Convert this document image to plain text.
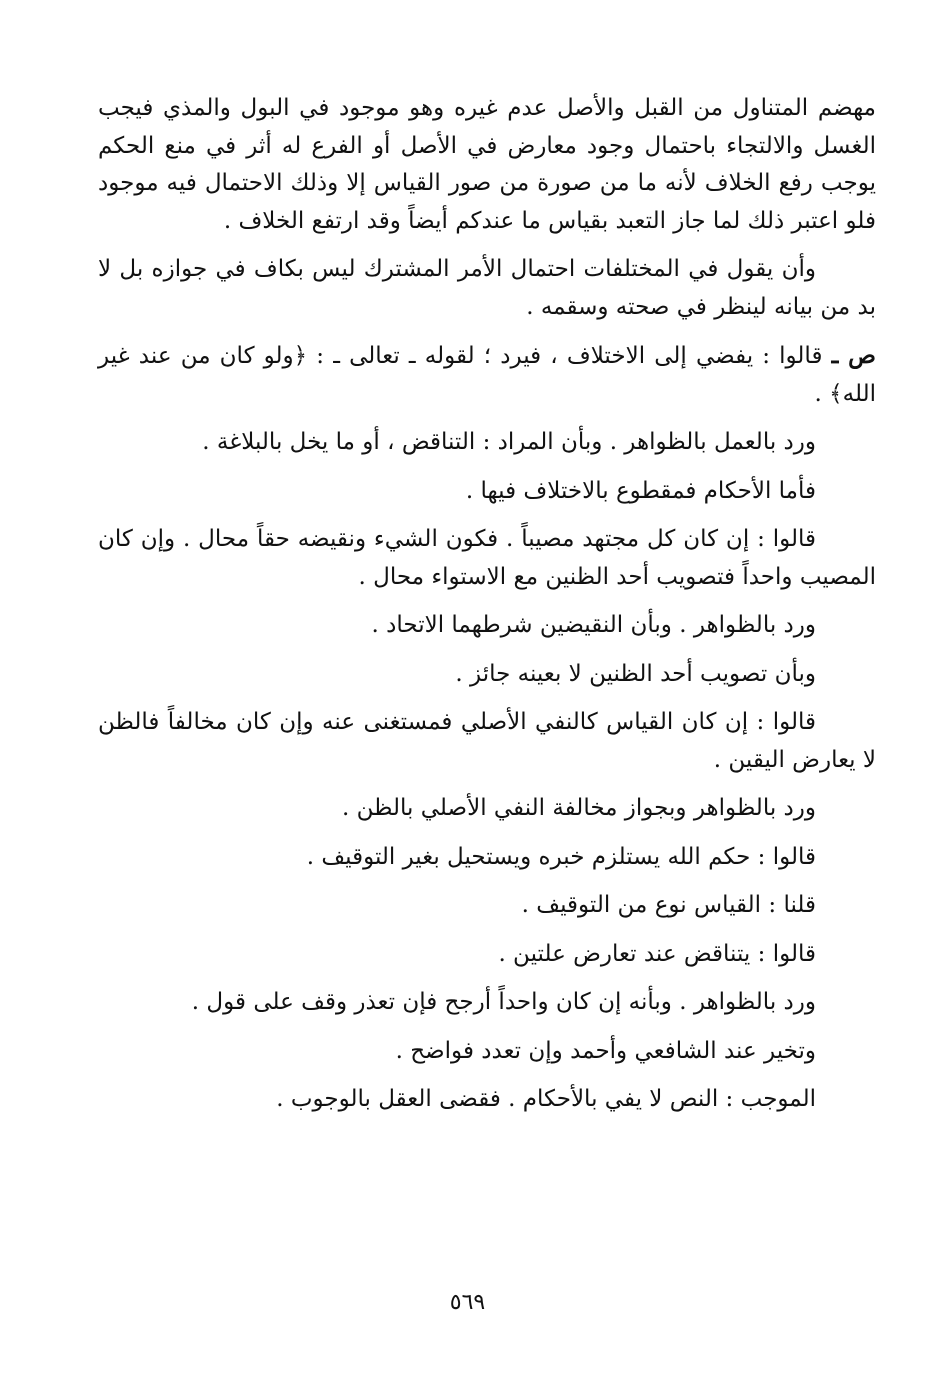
مهضم المتناول من القبل والأصل عدم غيره وهو موجود في البول والمذي فيجب الغسل والالتجاء باحتمال وجود معارض في الأصل أو الفرع له أثر في منع الحكم يوجب رفع الخلاف لأنه ما من صورة من صور القياس إلا وذلك الاحتمال فيه موجود فلو اعتبر ذلك لما جاز التعبد بقياس ما عندكم أيضاً وقد ارتفع الخلاف .

وأن يقول في المختلفات احتمال الأمر المشترك ليس بكاف في جوازه بل لا بد من بيانه لينظر في صحته وسقمه .

ص ـ قالوا : يفضي إلى الاختلاف ، فيرد ؛ لقوله ـ تعالى ـ : ﴿ولو كان من عند غير الله﴾ .

ورد بالعمل بالظواهر . وبأن المراد : التناقض ، أو ما يخل بالبلاغة .

فأما الأحكام فمقطوع بالاختلاف فيها .

قالوا : إن كان كل مجتهد مصيباً . فكون الشيء ونقيضه حقاً محال . وإن كان المصيب واحداً فتصويب أحد الظنين مع الاستواء محال .

ورد بالظواهر . وبأن النقيضين شرطهما الاتحاد .

وبأن تصويب أحد الظنين لا بعينه جائز .

قالوا : إن كان القياس كالنفي الأصلي فمستغنى عنه وإن كان مخالفاً فالظن لا يعارض اليقين .

ورد بالظواهر وبجواز مخالفة النفي الأصلي بالظن .

قالوا : حكم الله يستلزم خبره ويستحيل بغير التوقيف .

قلنا : القياس نوع من التوقيف .

قالوا : يتناقض عند تعارض علتين .

ورد بالظواهر . وبأنه إن كان واحداً أرجح فإن تعذر وقف على قول .

وتخير عند الشافعي وأحمد وإن تعدد فواضح .

الموجب : النص لا يفي بالأحكام . فقضى العقل بالوجوب .

٥٦٩
